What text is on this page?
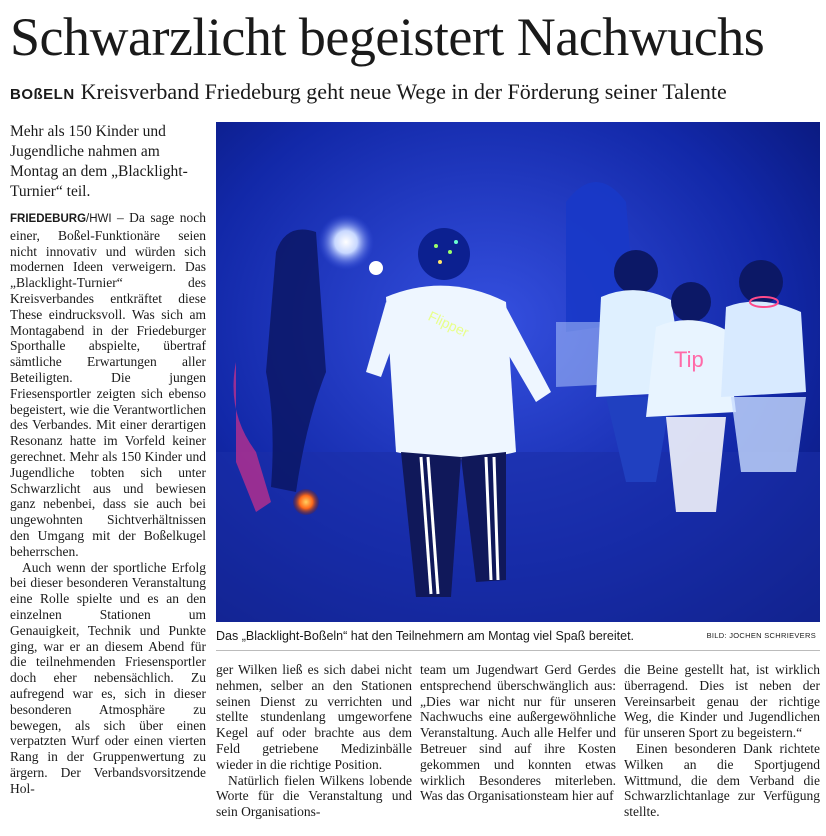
Schwarzlicht begeistert Nachwuchs
BOßELN Kreisverband Friedeburg geht neue Wege in der Förderung seiner Talente
Mehr als 150 Kinder und Jugendliche nahmen am Montag an dem „Blacklight-Turnier“ teil.

FRIEDEBURG/HWI – Da sage noch einer, Boßel-Funktionäre seien nicht innovativ und würden sich modernen Ideen verweigern. Das „Blacklight-Turnier“ des Kreisverbandes entkräftet diese These eindrucksvoll. Was sich am Montagabend in der Friedeburger Sporthalle abspielte, übertraf sämtliche Erwartungen aller Beteiligten. Die jungen Friesensportler zeigten sich ebenso begeistert, wie die Verantwortlichen des Verbandes. Mit einer derartigen Resonanz hatte im Vorfeld keiner gerechnet. Mehr als 150 Kinder und Jugendliche tobten sich unter Schwarzlicht aus und bewiesen ganz nebenbei, dass sie auch bei ungewohnten Sichtverhältnissen den Umgang mit der Boßelkugel beherrschen.

Auch wenn der sportliche Erfolg bei dieser besonderen Veranstaltung eine Rolle spielte und es an den einzelnen Stationen um Genauigkeit, Technik und Punkte ging, war er an diesem Abend für die teilnehmenden Friesensportler doch eher nebensächlich. Zu aufregend war es, sich in dieser besonderen Atmosphäre zu bewegen, als sich über einen verpatzten Wurf oder einen vierten Rang in der Gruppenwertung zu ärgern. Der Verbandsvorsitzende Hol-

Tip
Flipper
Das „Blacklight-Boßeln“ hat den Teilnehmern am Montag viel Spaß bereitet.	BILD: JOCHEN SCHRIEVERS

ger Wilken ließ es sich dabei nicht nehmen, selber an den Stationen seinen Dienst zu verrichten und stellte stundenlang umgeworfene Kegel auf oder brachte aus dem Feld getriebene Medizinbälle wieder in die richtige Position.

Natürlich fielen Wilkens lobende Worte für die Veranstaltung und sein Organisations-

team um Jugendwart Gerd Gerdes entsprechend überschwänglich aus: „Dies war nicht nur für unseren Nachwuchs eine außergewöhnliche Veranstaltung. Auch alle Helfer und Betreuer sind auf ihre Kosten gekommen und konnten etwas wirklich Besonderes miterleben. Was das Organisationsteam hier auf

die Beine gestellt hat, ist wirklich überragend. Dies ist neben der Vereinsarbeit genau der richtige Weg, die Kinder und Jugendlichen für unseren Sport zu begeistern.“

Einen besonderen Dank richtete Wilken an die Sportjugend Wittmund, die dem Verband die Schwarzlichtanlage zur Verfügung stellte.
